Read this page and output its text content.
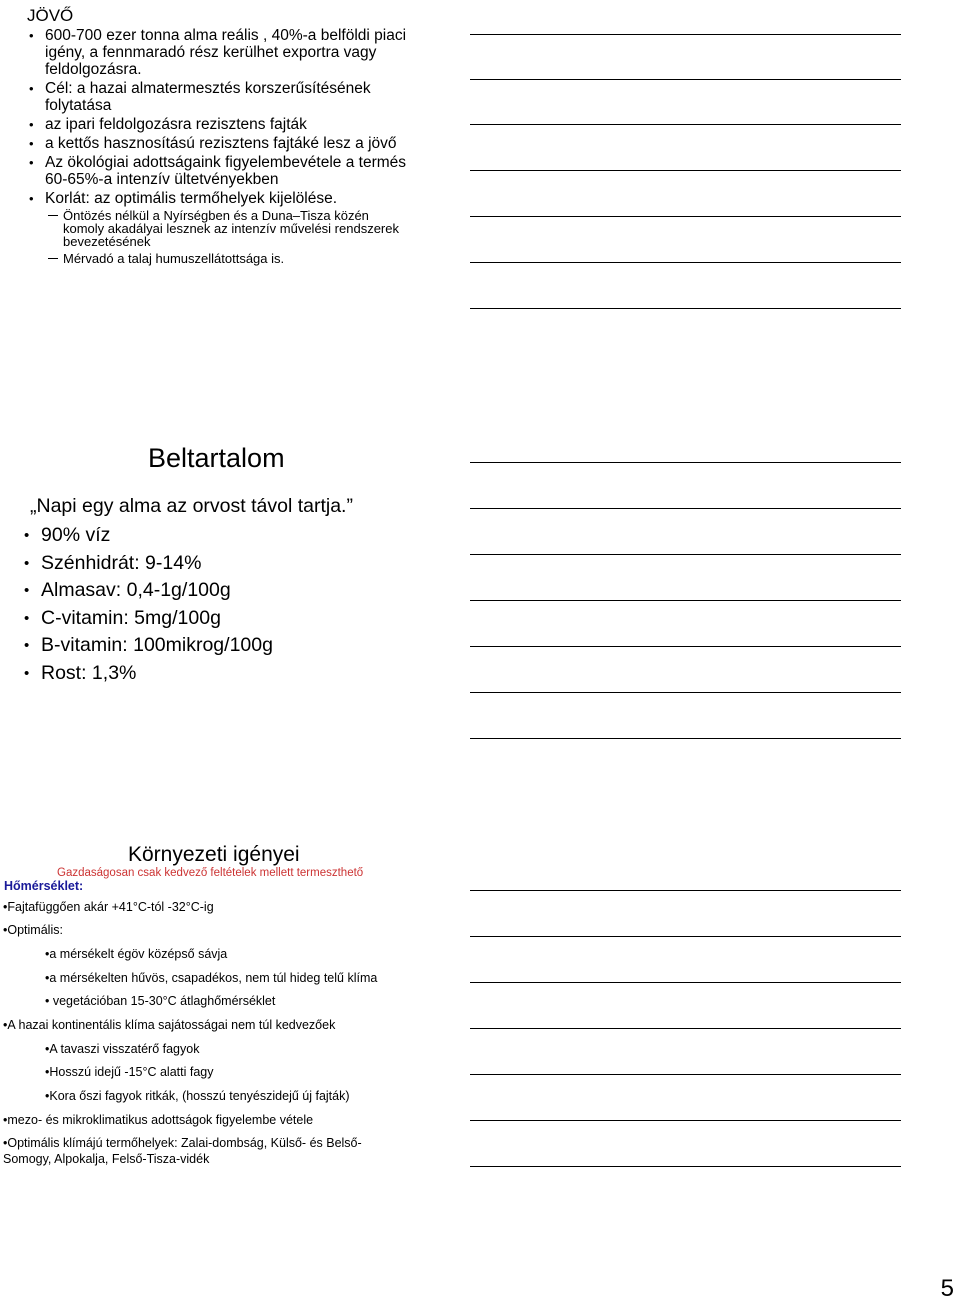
JÖVŐ
• 600-700 ezer tonna alma reális , 40%-a belföldi piaci igény, a fennmaradó rész kerülhet exportra vagy feldolgozásra.
• Cél: a hazai almatermesztés korszerűsítésének folytatása
• az ipari feldolgozásra rezisztens fajták
• a kettős hasznosítású rezisztens fajtáké lesz a jövő
• Az ökológiai adottságaink figyelembevétele a termés 60-65%-a intenzív ültetvényekben
• Korlát: az optimális termőhelyek kijelölése.
Öntözés nélkül a Nyírségben és a Duna–Tisza közén komoly akadályai lesznek az intenzív művelési rendszerek bevezetésének
Mérvadó a talaj humuszellátottsága is.
Beltartalom
„Napi egy alma az orvost távol tartja.”
• 90% víz
• Szénhidrát: 9-14%
• Almasav: 0,4-1g/100g
• C-vitamin: 5mg/100g
• B-vitamin: 100mikrog/100g
• Rost: 1,3%
Környezeti igényei
Gazdaságosan csak kedvező feltételek mellett termeszthető
Hőmérséklet:
•Fajtafüggően akár +41°C-tól -32°C-ig
•Optimális:
•a mérsékelt égöv középső sávja
•a mérsékelten hűvös, csapadékos, nem túl hideg telű klíma
• vegetációban 15-30°C átlaghőmérséklet
•A hazai kontinentális klíma sajátosságai nem túl kedvezőek
•A tavaszi visszatérő fagyok
•Hosszú idejű -15°C alatti fagy
•Kora őszi fagyok ritkák, (hosszú tenyészidejű új fajták)
•mezo- és mikroklimatikus adottságok figyelembe vétele
•Optimális klímájú termőhelyek: Zalai-dombság, Külső- és Belső-
Somogy, Alpokalja, Felső-Tisza-vidék
5
